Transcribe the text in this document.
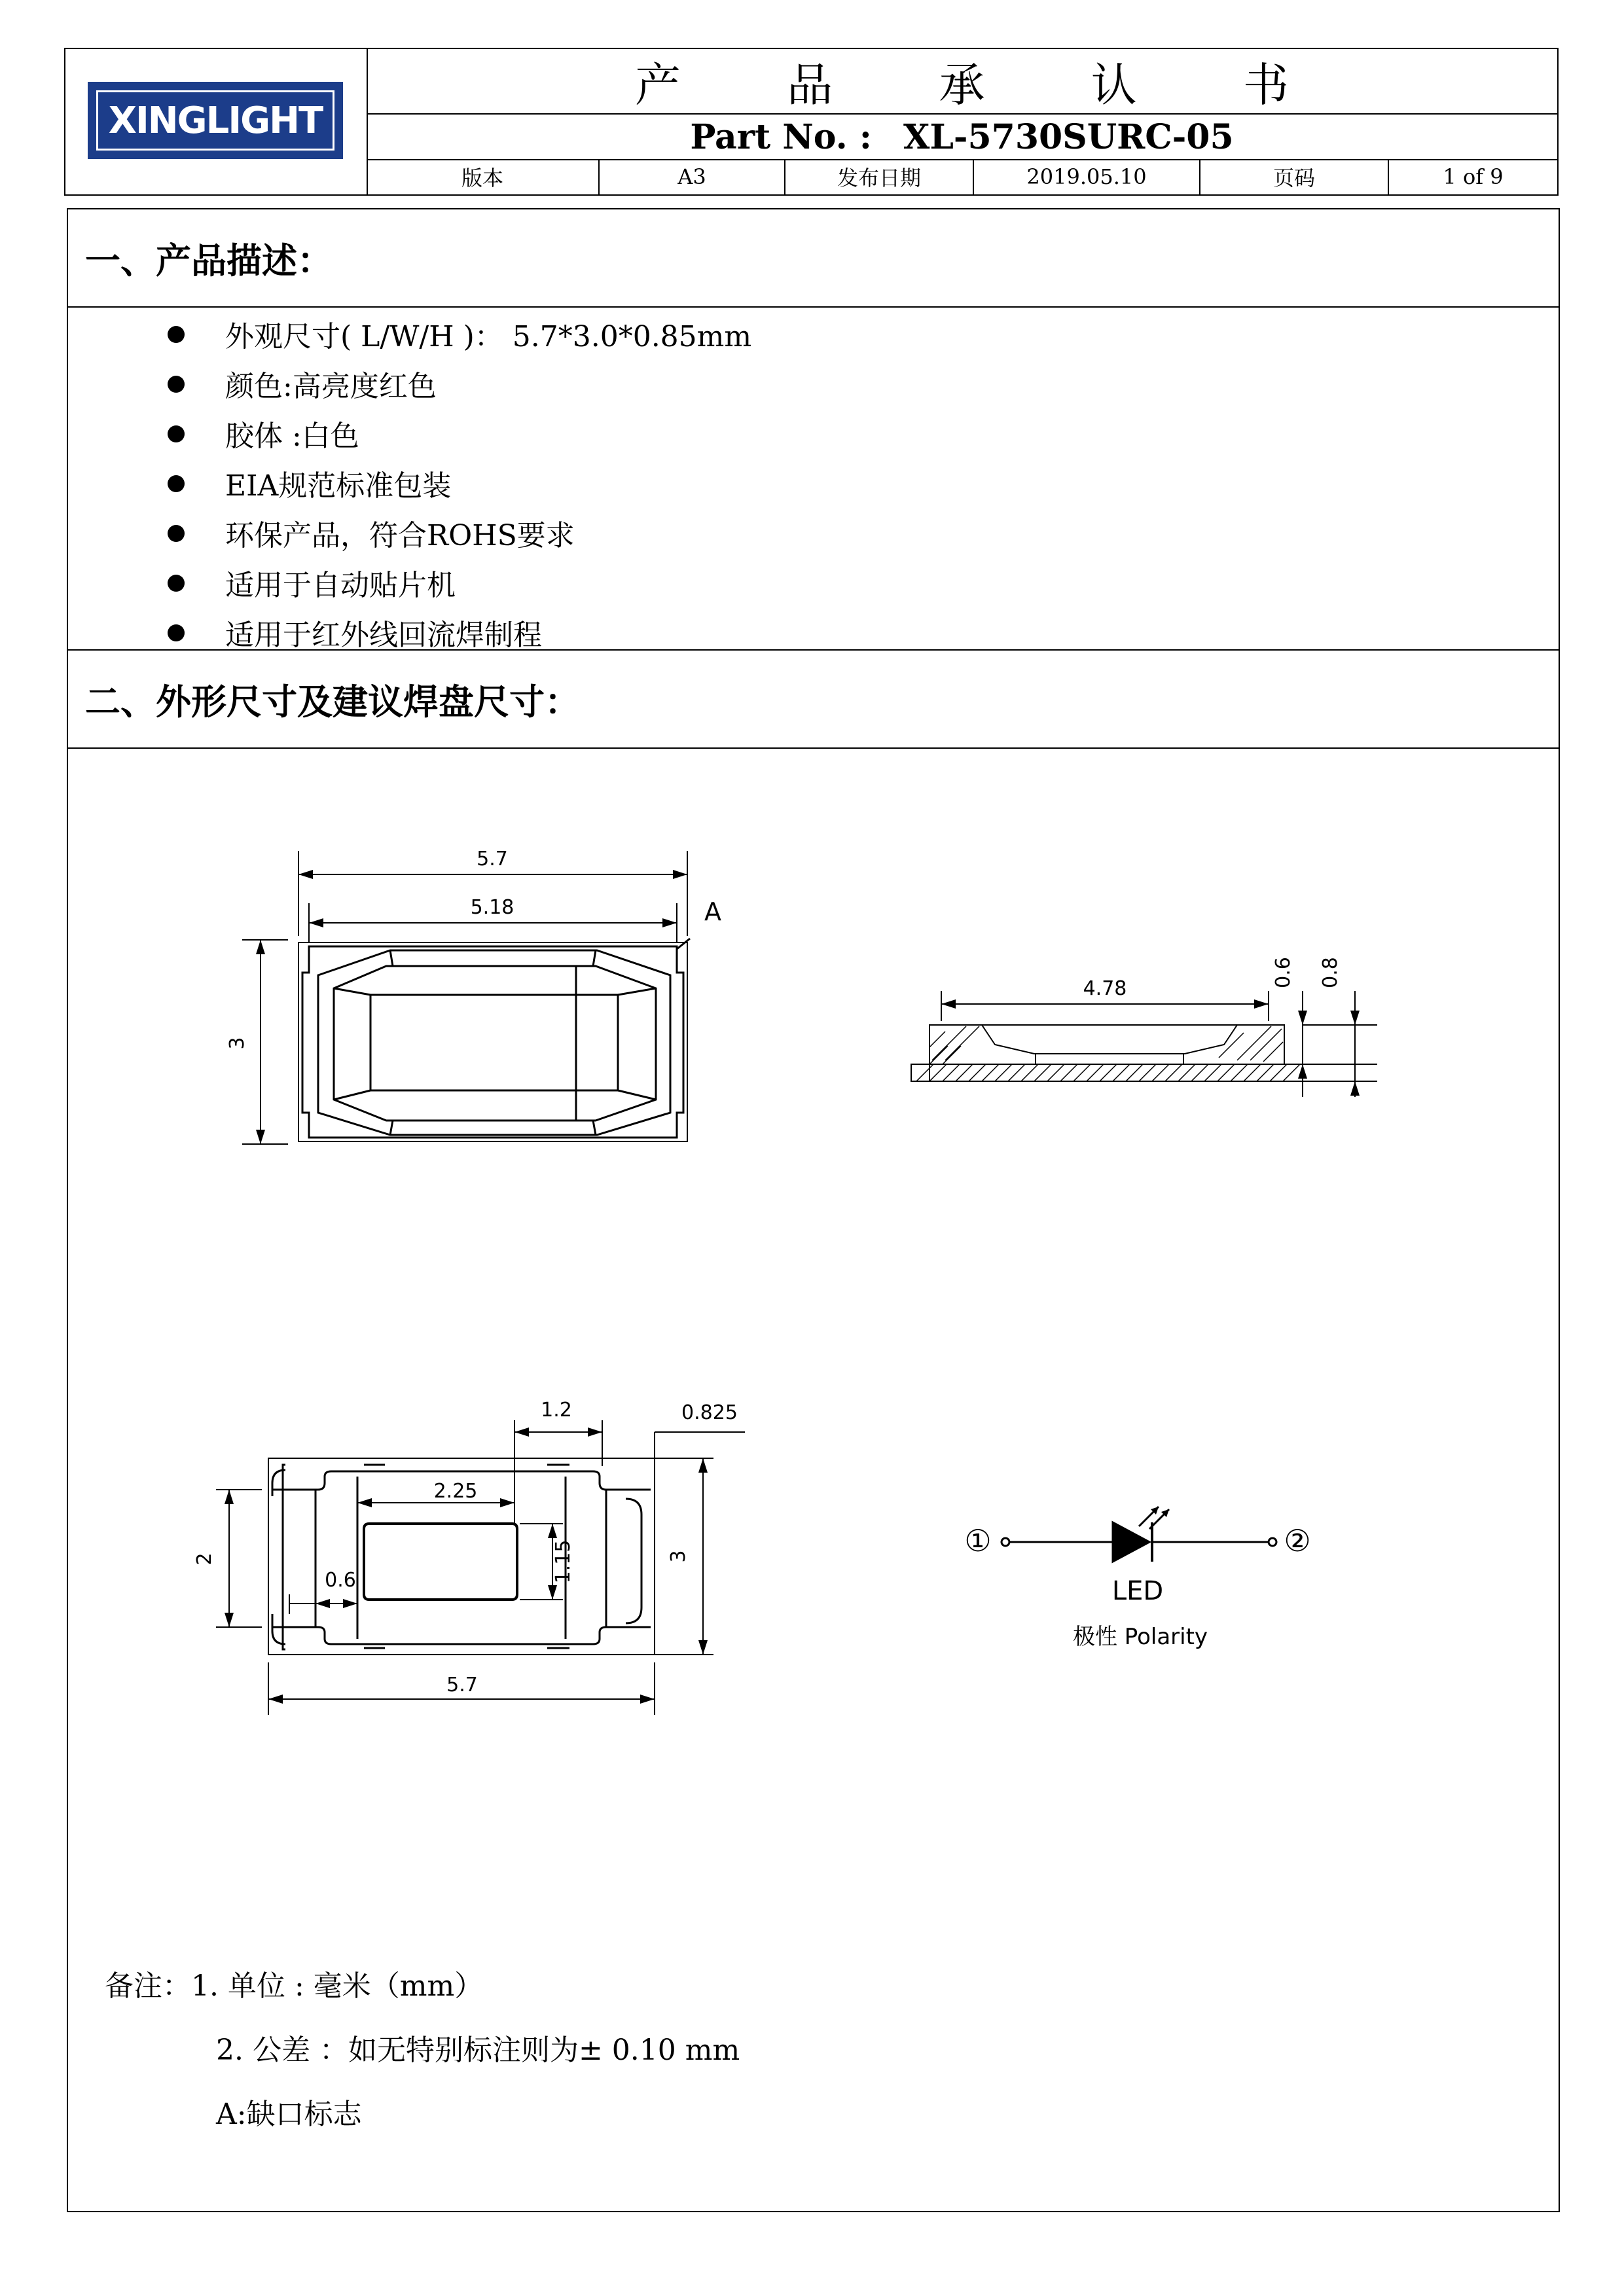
XINGLIGHT
产 品 承 认 书
Part No. : XL-5730SURC-05
版本	A3	发布日期	2019.05.10	页码	1 of 9
一、产品描述：
外观尺寸( L/W/H )： 5.7*3.0*0.85mm
颜色:高亮度红色
胶体 :白色
EIA规范标准包装
环保产品，符合ROHS要求
适用于自动贴片机
适用于红外线回流焊制程
二、外形尺寸及建议焊盘尺寸：
5.7
5.18	A
3
4.78
0.6 0.8
1.2	0.825
2.25
2	1.15	3
0.6
5.7
①	②
LED
极性 Polarity
备注：1. 单位 : 毫米（mm）
2. 公差 ：如无特别标注则为± 0.10 mm
A:缺口标志
